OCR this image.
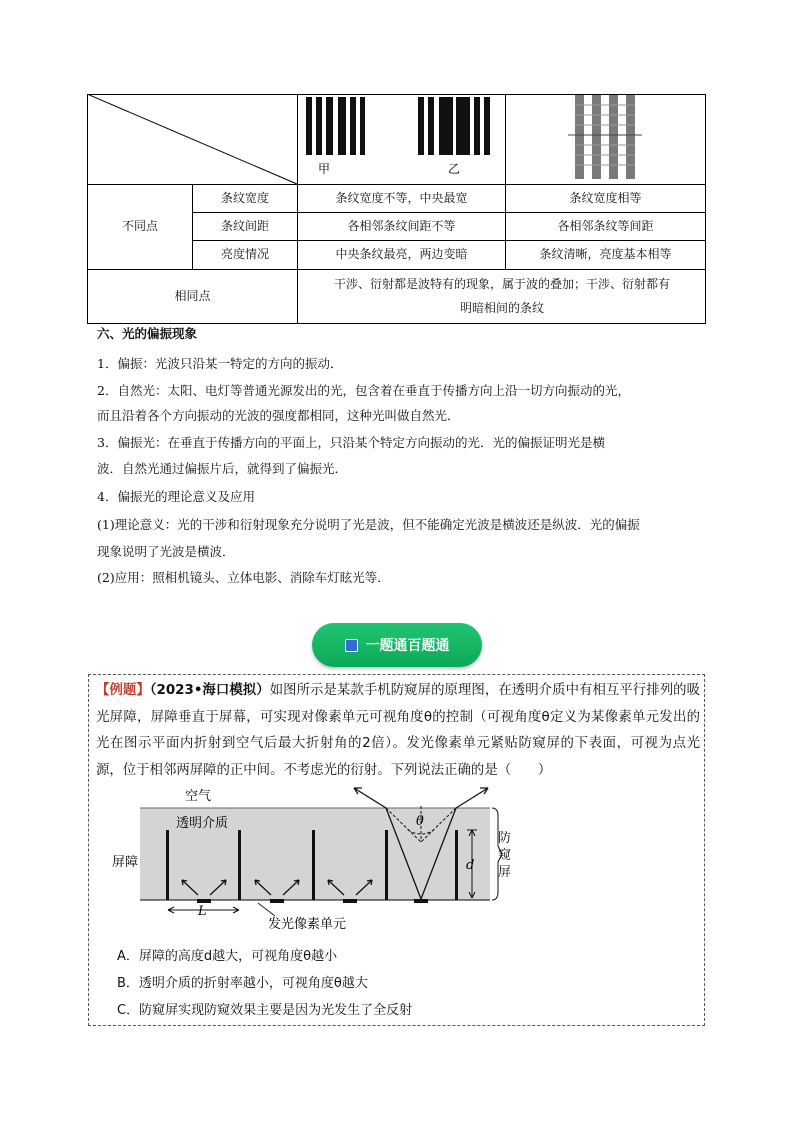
甲	乙
不同点
条纹宽度	条纹宽度不等，中央最宽	条纹宽度相等
条纹间距	各相邻条纹间距不等	各相邻条纹等间距
亮度情况	中央条纹最亮，两边变暗	条纹清晰，亮度基本相等
相同点
干涉、衍射都是波特有的现象，属于波的叠加；干涉、衍射都有
明暗相间的条纹
六、光的偏振现象
1．偏振：光波只沿某一特定的方向的振动．
2．自然光：太阳、电灯等普通光源发出的光，包含着在垂直于传播方向上沿一切方向振动的光，
而且沿着各个方向振动的光波的强度都相同，这种光叫做自然光．
3．偏振光：在垂直于传播方向的平面上，只沿某个特定方向振动的光．光的偏振证明光是横
波．自然光通过偏振片后，就得到了偏振光．
4．偏振光的理论意义及应用
(1)理论意义：光的干涉和衍射现象充分说明了光是波，但不能确定光波是横波还是纵波．光的偏振
现象说明了光波是横波．
(2)应用：照相机镜头、立体电影、消除车灯眩光等．
一题通百题通
【例题】（2023•海口模拟）如图所示是某款手机防窥屏的原理图，在透明介质中有相互平行排列的吸光屏障，屏障垂直于屏幕，可实现对像素单元可视角度θ的控制（可视角度θ定义为某像素单元发出的光在图示平面内折射到空气后最大折射角的2倍）。发光像素单元紧贴防窥屏的下表面，可视为点光源，位于相邻两屏障的正中间。不考虑光的衍射。下列说法正确的是（　　）
空气
透明介质
屏障
θ
d
L
发光像素单元
防窥屏
A．屏障的高度d越大，可视角度θ越小
B．透明介质的折射率越小，可视角度θ越大
C．防窥屏实现防窥效果主要是因为光发生了全反射
